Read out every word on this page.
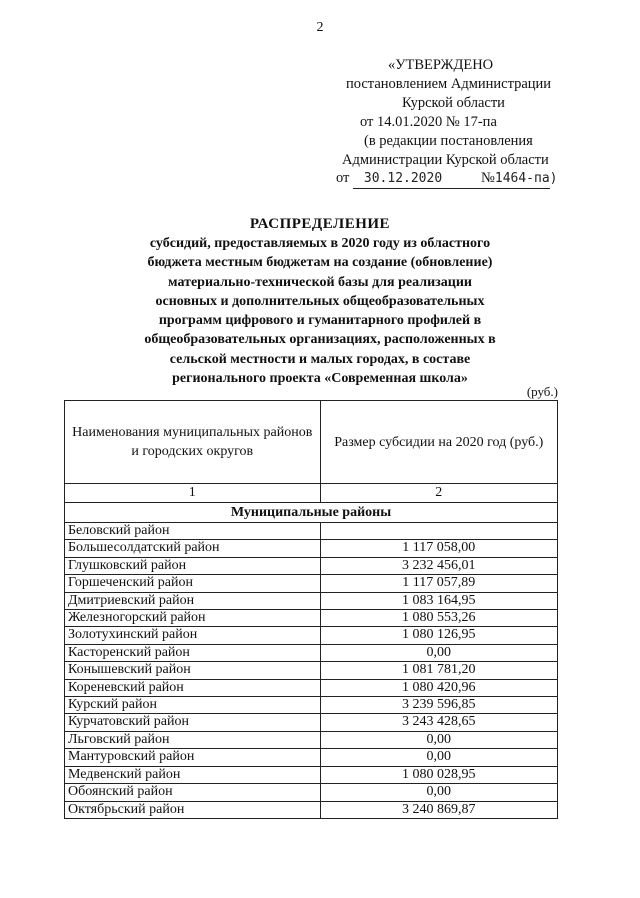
2
«УТВЕРЖДЕНО
постановлением Администрации
Курской области
от 14.01.2020 № 17-па
(в редакции постановления
Администрации Курской области
от 30.12.2020	№1464-па)
РАСПРЕДЕЛЕНИЕ
субсидий, предоставляемых в 2020 году из областного
бюджета местным бюджетам на создание (обновление)
материально-технической базы для реализации
основных и дополнительных общеобразовательных
программ цифрового и гуманитарного профилей в
общеобразовательных организациях, расположенных в
сельской местности и малых городах, в составе
регионального проекта «Современная школа»
(руб.)
Наименования муниципальных районов и городских округов	Размер субсидии на 2020 год (руб.)
1	2
Муниципальные районы	
Беловский район	
Большесолдатский район	1 117 058,00
Глушковский район	3 232 456,01
Горшеченский район	1 117 057,89
Дмитриевский район	1 083 164,95
Железногорский район	1 080 553,26
Золотухинский район	1 080 126,95
Касторенский район	0,00
Конышевский район	1 081 781,20
Кореневский район	1 080 420,96
Курский район	3 239 596,85
Курчатовский район	3 243 428,65
Льговский район	0,00
Мантуровский район	0,00
Медвенский район	1 080 028,95
Обоянский район	0,00
Октябрьский район	3 240 869,87
